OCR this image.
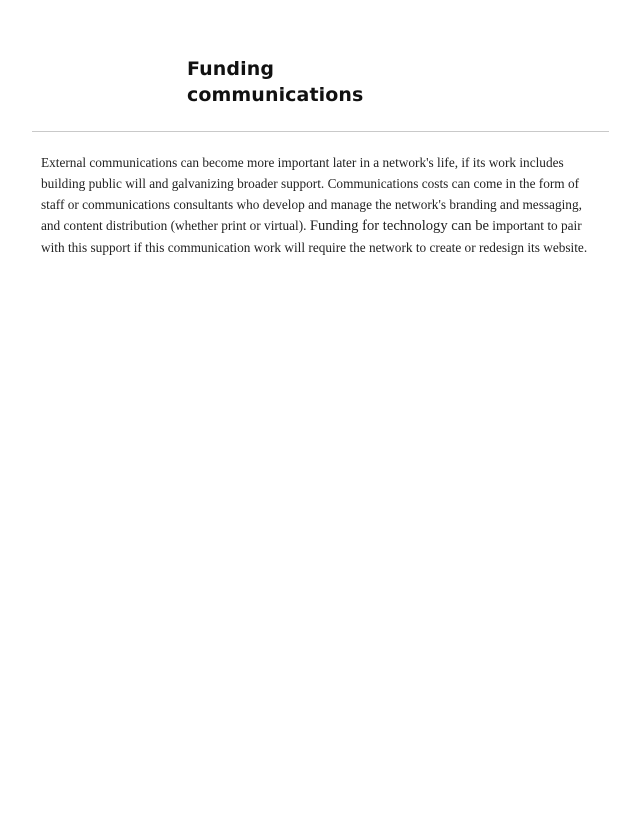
Funding
communications

External communications can become more important later in a network's life, if its work includes building public will and galvanizing broader support. Communications costs can come in the form of staff or communications consultants who develop and manage the network's branding and messaging, and content distribution (whether print or virtual). Funding for technology can be important to pair with this support if this communication work will require the network to create or redesign its website.
